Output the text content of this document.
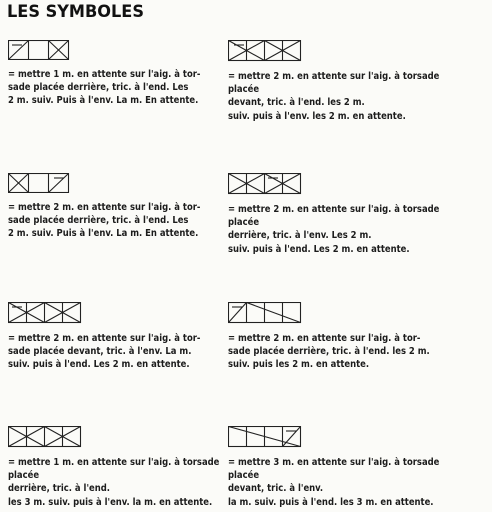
LES SYMBOLES
= mettre 1 m. en attente sur l'aig. à tor-
sade placée derrière, tric. à l'end. Les
2 m. suiv. Puis à l'env. La m. En attente.
= mettre 2 m. en attente sur l'aig. à torsade placée
devant, tric. à l'end. les 2 m.
suiv. puis à l'env. les 2 m. en attente.
= mettre 2 m. en attente sur l'aig. à tor-
sade placée derrière, tric. à l'end. Les
2 m. suiv. Puis à l'env. La m. En attente.
= mettre 2 m. en attente sur l'aig. à torsade placée
derrière, tric. à l'env. Les 2 m.
suiv. puis à l'end. Les 2 m. en attente.
= mettre 2 m. en attente sur l'aig. à tor-
sade placée devant, tric. à l'env. La m.
suiv. puis à l'end. Les 2 m. en attente.
= mettre 2 m. en attente sur l'aig. à tor-
sade placée derrière, tric. à l'end. les 2 m.
suiv. puis les 2 m. en attente.
= mettre 1 m. en attente sur l'aig. à torsade placée
derrière, tric. à l'end.
les 3 m. suiv. puis à l'env. la m. en attente.
= mettre 3 m. en attente sur l'aig. à torsade placée
devant, tric. à l'env.
la m. suiv. puis à l'end. les 3 m. en attente.
